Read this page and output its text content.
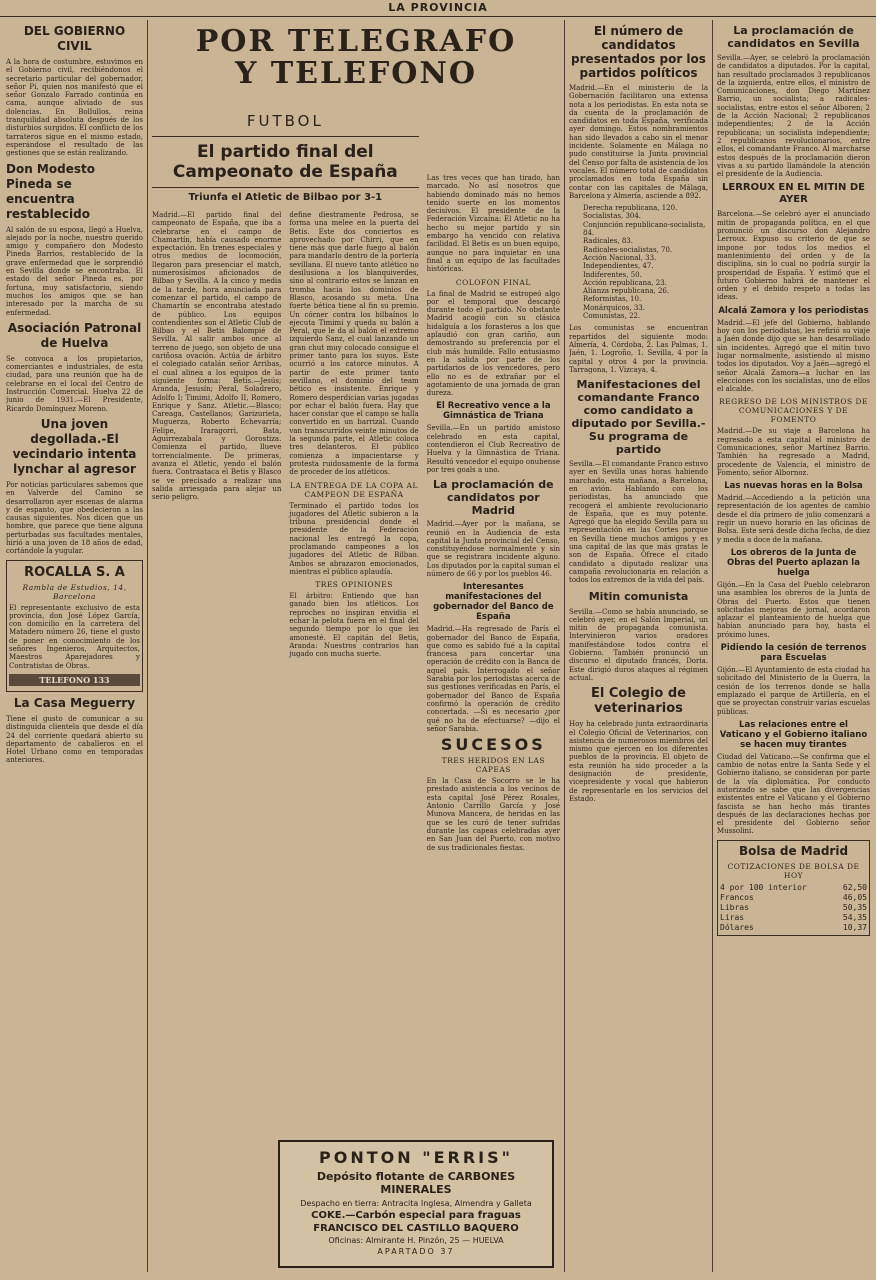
LA PROVINCIA
DEL GOBIERNO CIVIL

A la hora de costumbre, estuvimos en el Gobierno civil, recibiéndonos el secretario particular del gobernador, señor Pi, quien nos manifestó que el señor Gonzalo Farrado continúa en cama, aunque aliviado de sus dolencias. En Bollullos, reina tranquilidad absoluta después de los disturbios surgidos. El conflicto de los tarrateros sigue en el mismo estado, esperándose el resultado de las gestiones que se están realizando.

Don Modesto Pineda se encuentra restablecido

Al salón de su esposa, llegó a Huelva, alejado por la noche, nuestro querido amigo y compañero don Modesto Pineda Barrios, restablecido de la grave enfermedad que le sorprendió en Sevilla donde se encontraba. El estado del señor Pineda es, por fortuna, muy satisfactorio, siendo muchos los amigos que se han interesado por la marcha de su enfermedad.

Asociación Patronal de Huelva

Se convoca a los propietarios, comerciantes e industriales, de esta ciudad, para una reunión que ha de celebrarse en el local del Centro de Instrucción Comercial. Huelva 22 de junio de 1931.—El Presidente, Ricardo Domínguez Moreno.

Una joven degollada.-El vecindario intenta lynchar al agresor

Por noticias particulares sabemos que en Valverde del Camino se desarrollaron ayer escenas de alarma y de espanto, que obedecieron a las causas siguientes. Nos dicen que un hombre, que parece que tiene alguna perturbadas sus facultades mentales, hirió a una joven de 18 años de edad, cortándole la yugular.

ROCALLA S. A
Rambla de Estudios, 14, Barcelona

El representante exclusivo de esta provincia, don José López García, con domicilio en la carretera del Matadero número 26, tiene el gusto de poner en conocimiento de los señores Ingenieros, Arquitectos, Maestros Aparejadores y Contratistas de Obras.

TELEFONO 133
La Casa Meguerry

Tiene el gusto de comunicar a su distinguida clientela que desde el día 24 del corriente quedará abierto su departamento de caballeros en el Hotel Urbano como en temporadas anteriores.

POR TELEGRAFO
Y TELEFONO
FUTBOL
El partido final del Campeonato de España
Triunfa el Atletic de Bilbao por 3-1

Madrid.—El partido final del campeonato de España, que iba a celebrarse en el campo de Chamartín, había causado enorme expectación. En trenes especiales y otros medios de locomoción, llegaron para presenciar el match, numerosísimos aficionados de Bilbao y Sevilla. A la cinco y media de la tarde, hora anunciada para comenzar el partido, el campo de Chamartín se encontraba atestado de público. Los equipos contendientes son el Atletic Club de Bilbao y el Betis Balompié de Sevilla. Al salir ambos once al terreno de juego, son objeto de una cariñosa ovación. Actúa de árbitro el colegiado catalán señor Arribas, el cual alinea a los equipos de la siguiente forma: Betis.—Jesús; Aranda, Jesusín; Peral, Soladrero, Adolfo I; Timimi, Adolfo II, Romero, Enrique y Sanz. Atletic.—Blasco; Careaga, Castellanos; Garizurieta, Muguerza, Roberto Echevarría; Felipe, Iraragorri, Bata, Aguirrezabala y Gorostiza. Comienza el partido, llueve torrencialmente. De primeras, avanza el Atletic, yendo el balón fuera. Contraataca el Betis y Blasco se ve precisado a realizar una salida arriesgada para alejar un serio peligro.

define diestramente Pedrosa, se forma una melee en la puerta del Betis. Este dos conciertos es aprovechado por Chirri, que en tiene más que darle fuego al balón para mandarlo dentro de la portería sevillana. El nuevo tanto atlético no desilusiona a los blanquiverdes, sino al contrario estos se lanzan en tromba hacia los dominios de Blasco, acosando su meta. Una fuerte bética tiene al fin su premio. Un córner contra los bilbaínos lo ejecuta Timimi y queda su balón a Peral, que le da al balón el extremo izquierdo Sanz, el cual lanzando un gran chut muy colocado consigue el primer tanto para los suyos. Este ocurrió a los catorce minutos. A partir de este primer tanto sevillano, el dominio del team bético es insistente. Enrique y Romero desperdician varias jugadas por echar el balón fuera. Hay que hacer constar que el campo se halla convertido en un barrizal. Cuando van transcurridos veinte minutos de la segunda parte, el Atletic coloca tres delanteros. El público comienza a impacientarse y protesta ruidosamente de la forma de proceder de los atléticos.

LA ENTREGA DE LA COPA AL CAMPEON DE ESPAÑA

Terminado el partido todos los jugadores del Atletic subieron a la tribuna presidencial donde el presidente de la Federación nacional les entregó la copa, proclamando campeones a los jugadores del Atletic de Bilbao. Ambos se abrazaron emocionados, mientras el público aplaudía.

TRES OPINIONES

El árbitro: Entiendo que han ganado bien los atléticos. Los reproches no inspiran envidia el echar la pelota fuera en el final del segundo tiempo por lo que les amonesté. El capitán del Betis, Aranda: Nuestros contrarios han jugado con mucha suerte.

Las tres veces que han tirado, han marcado. No así nosotros que habiendo dominado más no hemos tenido suerte en los momentos decisivos. El presidente de la Federación Vizcaína: El Atletic no ha hecho su mejor partido y sin embargo ha vencido con relativa facilidad. El Betis es un buen equipo, aunque no para inquietar en una final a un equipo de las facultades históricas.

COLOFON FINAL

La final de Madrid se estropeó algo por el temporal que descargó durante todo el partido. No obstante Madrid acogió con su clásica hidalguía a los forasteros a los que aplaudió con gran cariño, aun demostrando su preferencia por el club más humilde. Fallo entusiasmo en la salida por parte de los partidarios de los vencedores, pero ello no es de extrañar por el agotamiento de una jornada de gran dureza.

El Recreativo vence a la Gimnástica de Triana

Sevilla.—En un partido amistoso celebrado en esta capital, contendieron el Club Recreativo de Huelva y la Gimnástica de Triana. Resultó vencedor el equipo onubense por tres goals a uno.

La proclamación de candidatos por Madrid

Madrid.—Ayer por la mañana, se reunió en la Audiencia de esta capital la Junta provincial del Censo, constituyéndose normalmente y sin que se registrara incidente alguno. Los diputados por la capital suman el número de 66 y por los pueblos 46.

Interesantes manifestaciones del gobernador del Banco de España

Madrid.—Ha regresado de París el gobernador del Banco de España, que como es sabido fué a la capital francesa para concertar una operación de crédito con la Banca de aquel país. Interrogado el señor Sarabia por los periodistas acerca de sus gestiones verificadas en París, el gobernador del Banco de España confirmó la operación de crédito concertada. —Si es necesario ¿por qué no ha de efectuarse? —dijo el señor Sarabia.

SUCESOS
TRES HERIDOS EN LAS CAPEAS

En la Casa de Socorro se le ha prestado asistencia a los vecinos de esta capital José Pérez Rosales, Antonio Carrillo García y José Munova Mancera, de heridas en las que se les curó de tener sufridas durante las capeas celebradas ayer en San Juan del Puerto, con motivo de sus tradicionales fiestas.

PONTON "ERRIS"
Depósito flotante de CARBONES MINERALES
Despacho en tierra: Antracita Inglesa, Almendra y Galleta
COKE.—Carbón especial para fraguas
FRANCISCO DEL CASTILLO BAQUERO
Oficinas: Almirante H. Pinzón, 25 — HUELVA
APARTADO 37
El número de candidatos presentados por los partidos políticos

Madrid.—En el ministerio de la Gobernación facilitaron una extensa nota a los periodistas. En esta nota se da cuenta de la proclamación de candidatos en toda España, verificada ayer domingo. Estos nombramientos han sido llevados a cabo sin el menor incidente. Solamente en Málaga no pudo constituirse la Junta provincial del Censo por falta de asistencia de los vocales. El número total de candidatos proclamados en toda España sin contar con las capitales de Málaga, Barcelona y Almería, asciende a 892.

Derecha republicana, 120.
Socialistas, 304.
Conjunción republicano-socialista, 84.
Radicales, 83.
Radicales-socialistas, 70.
Acción Nacional, 33.
Independientes, 47.
Indiferentes, 50.
Acción republicana, 23.
Alianza republicana, 26.
Reformistas, 10.
Monárquicos, 33.
Comunistas, 22.

Los comunistas se encuentran repartidos del siguiente modo: Almería, 4. Córdoba, 2. Las Palmas, 1. Jaén, 1. Logroño, 1. Sevilla, 4 por la capital y otros 4 por la provincia. Tarragona, 1. Vizcaya, 4.

Manifestaciones del comandante Franco como candidato a diputado por Sevilla.-Su programa de partido

Sevilla.—El comandante Franco estuvo ayer en Sevilla unas horas habiendo marchado, esta mañana, a Barcelona, en avión. Hablando con los periodistas, ha anunciado que recogerá el ambiente revolucionario de España, que es muy potente. Agregó que ha elegido Sevilla para su representación en las Cortes porque en Sevilla tiene muchos amigos y es una capital de las que más gratas le son de España. Ofrece el citado candidato a diputado realizar una campaña revolucionaria en relación a todos los extremos de la vida del país.

Mitin comunista

Sevilla.—Como se había anunciado, se celebró ayer, en el Salón Imperial, un mitin de propaganda comunista. Intervinieron varios oradores manifestándose todos contra el Gobierno. También pronunció un discurso el diputado francés, Doria. Este dirigió duros ataques al régimen actual.

El Colegio de veterinarios

Hoy ha celebrado junta extraordinaria el Colegio Oficial de Veterinarios, con asistencia de numerosos miembros del mismo que ejercen en los diferentes pueblos de la provincia. El objeto de esta reunión ha sido proceder a la designación de presidente, vicepresidente y vocal que habieron de representarle en los servicios del Estado.

La proclamación de candidatos en Sevilla

Sevilla.—Ayer, se celebró la proclamación de candidatos a diputados. Por la capital, han resultado proclamados 3 republicanos de la izquierda, entre ellos, el ministro de Comunicaciones, don Diego Martínez Barrio, un socialista; a radicales-socialistas, entre estos el señor Alboren; 2 de la Acción Nacional; 2 republicanos independientes; 2 de la Acción republicana; un socialista independiente; 2 republicanos revolucionarios, entre ellos, el comandante Franco. Al marcharse estos después de la proclamación dieron vivas a su partido llamándole la atención el presidente de la Audiencia.

LERROUX EN EL MITIN DE AYER

Barcelona.—Se celebró ayer el anunciado mitin de propaganda política, en el que pronunció un discurso don Alejandro Lerroux. Expuso su criterio de que se impone por todos los medios el mantenimiento del orden y de la disciplina, sin lo cual no podría surgir la prosperidad de España. Y estimó que el futuro Gobierno habrá de mantener el orden y el debido respeto a todas las ideas.

Alcalá Zamora y los periodistas

Madrid.—El jefe del Gobierno, hablando hoy con los periodistas, les refirió su viaje a Jaén donde dijo que se han desarrollado sin incidentes. Agregó que el mitin tuvo lugar normalmente, asistiendo al mismo todos los diputados. Voy a Jaén—agregó el señor Alcalá Zamora—a luchar en las elecciones con los socialistas, uno de ellos el alcalde.

REGRESO DE LOS MINISTROS DE COMUNICACIONES Y DE FOMENTO

Madrid.—De su viaje a Barcelona ha regresado a esta capital el ministro de Comunicaciones, señor Martínez Barrio. También ha regresado a Madrid, procedente de Valencia, el ministro de Fomento, señor Albornoz.

Las nuevas horas en la Bolsa

Madrid.—Accediendo a la petición una representación de los agentes de cambio desde el día primero de julio comenzará a regir un nuevo horario en las oficinas de Bolsa. Este será desde dicha fecha, de diez y media a doce de la mañana.

Los obreros de la Junta de Obras del Puerto aplazan la huelga

Gijón.—En la Casa del Pueblo celebraron una asamblea los obreros de la Junta de Obras del Puerto. Estos que tienen solicitadas mejoras de jornal, acordaron aplazar el planteamiento de huelga que habían anunciado para hoy, hasta el próximo lunes.

Pidiendo la cesión de terrenos para Escuelas

Gijón.—El Ayuntamiento de esta ciudad ha solicitado del Ministerio de la Guerra, la cesión de los terrenos donde se halla emplazado el parque de Artillería, en el que se proyectan construir varias escuelas públicas.

Las relaciones entre el Vaticano y el Gobierno italiano se hacen muy tirantes

Ciudad del Vaticano.—Se confirma que el cambio de notas entre la Santa Sede y el Gobierno italiano, se consideran por parte de la vía diplomática. Por conducto autorizado se sabe que las divergencias existentes entre el Vaticano y el Gobierno fascista se han hecho más tirantes después de las declaraciones hechas por el presidente del Gobierno señor Mussolini.

Bolsa de Madrid
COTIZACIONES DE BOLSA DE HOY
4 por 100 interior	62,50
Francos	46,05
Libras	50,35
Liras	54,35
Dólares	10,37
